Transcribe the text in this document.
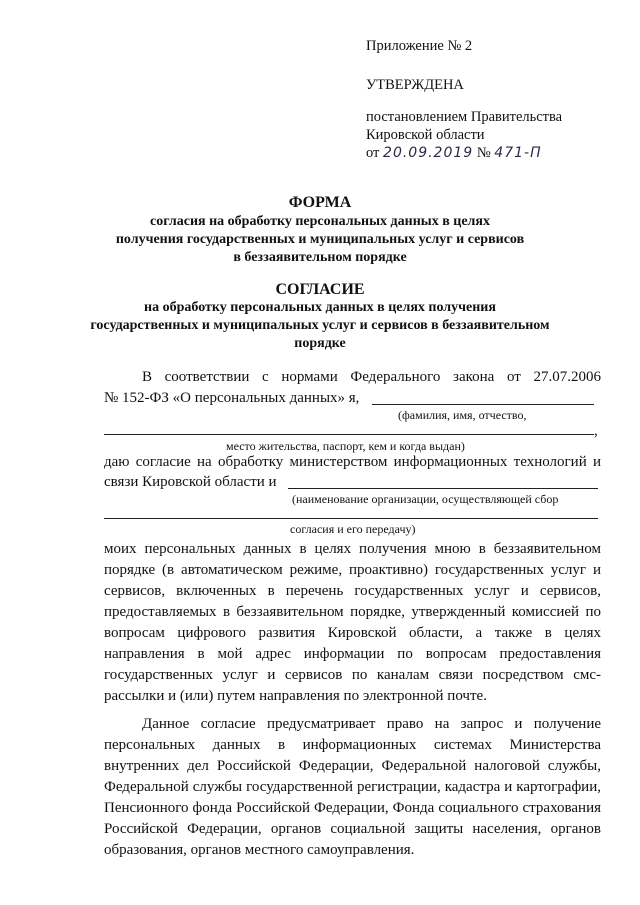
Приложение № 2
УТВЕРЖДЕНА
постановлением Правительства
Кировской области
от 20.09.2019 № 471-П
ФОРМА
согласия на обработку персональных данных в целях
получения государственных и муниципальных услуг и сервисов
в беззаявительном порядке
СОГЛАСИЕ
на обработку персональных данных в целях получения
государственных и муниципальных услуг и сервисов в беззаявительном
порядке
В соответствии с нормами Федерального закона от 27.07.2006
№ 152-ФЗ «О персональных данных» я,
(фамилия, имя, отчество,
,
место жительства, паспорт, кем и когда выдан)
даю согласие на обработку министерством информационных технологий и
связи Кировской области и
(наименование организации, осуществляющей сбор
согласия и его передачу)
моих персональных данных в целях получения мною в беззаявительном
порядке (в автоматическом режиме, проактивно) государственных услуг и
сервисов, включенных в перечень государственных услуг и сервисов,
предоставляемых в беззаявительном порядке, утвержденный комиссией по
вопросам цифрового развития Кировской области, а также в целях
направления в мой адрес информации по вопросам предоставления
государственных услуг и сервисов по каналам связи посредством смс-
рассылки и (или) путем направления по электронной почте.
Данное согласие предусматривает право на запрос и получение
персональных данных в информационных системах Министерства
внутренних дел Российской Федерации, Федеральной налоговой службы,
Федеральной службы государственной регистрации, кадастра и картографии,
Пенсионного фонда Российской Федерации, Фонда социального страхования
Российской Федерации, органов социальной защиты населения, органов
образования, органов местного самоуправления.
